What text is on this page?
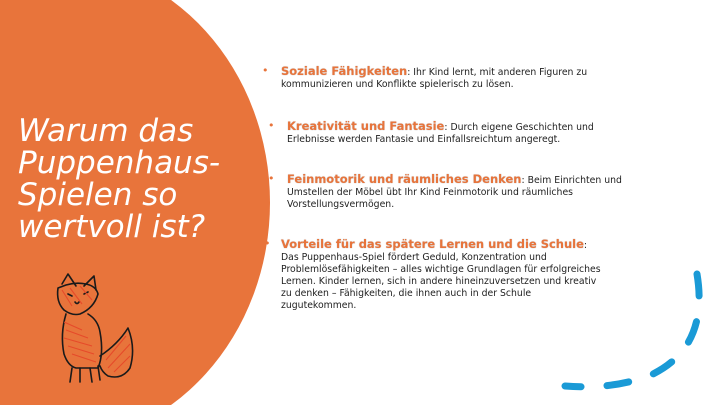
Warum das
Puppenhaus-
Spielen so
wertvoll ist?
• Soziale Fähigkeiten: Ihr Kind lernt, mit anderen Figuren zu
kommunizieren und Konflikte spielerisch zu lösen.
• Kreativität und Fantasie: Durch eigene Geschichten und
Erlebnisse werden Fantasie und Einfallsreichtum angeregt.
• Feinmotorik und räumliches Denken: Beim Einrichten und
Umstellen der Möbel übt Ihr Kind Feinmotorik und räumliches
Vorstellungsvermögen.
• Vorteile für das spätere Lernen und die Schule:
Das Puppenhaus-Spiel fördert Geduld, Konzentration und
Problemlösefähigkeiten – alles wichtige Grundlagen für erfolgreiches
Lernen. Kinder lernen, sich in andere hineinzuversetzen und kreativ
zu denken – Fähigkeiten, die ihnen auch in der Schule
zugutekommen.
